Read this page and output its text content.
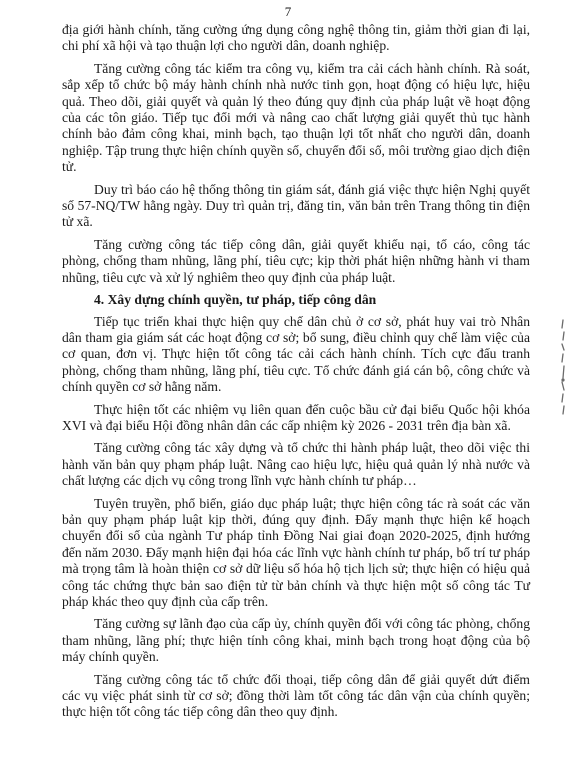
7

địa giới hành chính, tăng cường ứng dụng công nghệ thông tin, giảm thời gian đi lại, chi phí xã hội và tạo thuận lợi cho người dân, doanh nghiệp.

Tăng cường công tác kiểm tra công vụ, kiểm tra cải cách hành chính. Rà soát, sắp xếp tổ chức bộ máy hành chính nhà nước tinh gọn, hoạt động có hiệu lực, hiệu quả. Theo dõi, giải quyết và quản lý theo đúng quy định của pháp luật về hoạt động của các tôn giáo. Tiếp tục đổi mới và nâng cao chất lượng giải quyết thủ tục hành chính bảo đảm công khai, minh bạch, tạo thuận lợi tốt nhất cho người dân, doanh nghiệp. Tập trung thực hiện chính quyền số, chuyển đổi số, môi trường giao dịch điện tử.

Duy trì báo cáo hệ thống thông tin giám sát, đánh giá việc thực hiện Nghị quyết số 57-NQ/TW hằng ngày. Duy trì quản trị, đăng tin, văn bản trên Trang thông tin điện tử xã.

Tăng cường công tác tiếp công dân, giải quyết khiếu nại, tố cáo, công tác phòng, chống tham nhũng, lãng phí, tiêu cực; kịp thời phát hiện những hành vi tham nhũng, tiêu cực và xử lý nghiêm theo quy định của pháp luật.

4. Xây dựng chính quyền, tư pháp, tiếp công dân

Tiếp tục triển khai thực hiện quy chế dân chủ ở cơ sở, phát huy vai trò Nhân dân tham gia giám sát các hoạt động cơ sở; bổ sung, điều chỉnh quy chế làm việc của cơ quan, đơn vị. Thực hiện tốt công tác cải cách hành chính. Tích cực đấu tranh phòng, chống tham nhũng, lãng phí, tiêu cực. Tổ chức đánh giá cán bộ, công chức và chính quyền cơ sở hằng năm.

Thực hiện tốt các nhiệm vụ liên quan đến cuộc bầu cử đại biểu Quốc hội khóa XVI và đại biểu Hội đồng nhân dân các cấp nhiệm kỳ 2026 - 2031 trên địa bàn xã.

Tăng cường công tác xây dựng và tổ chức thi hành pháp luật, theo dõi việc thi hành văn bản quy phạm pháp luật. Nâng cao hiệu lực, hiệu quả quản lý nhà nước và chất lượng các dịch vụ công trong lĩnh vực hành chính tư pháp…

Tuyên truyền, phổ biến, giáo dục pháp luật; thực hiện công tác rà soát các văn bản quy phạm pháp luật kịp thời, đúng quy định. Đẩy mạnh thực hiện kế hoạch chuyển đổi số của ngành Tư pháp tỉnh Đồng Nai giai đoạn 2020-2025, định hướng đến năm 2030. Đẩy mạnh hiện đại hóa các lĩnh vực hành chính tư pháp, bố trí tư pháp mà trọng tâm là hoàn thiện cơ sở dữ liệu số hóa hộ tịch lịch sử; thực hiện có hiệu quả công tác chứng thực bản sao điện tử từ bản chính và thực hiện một số công tác Tư pháp khác theo quy định của cấp trên.

Tăng cường sự lãnh đạo của cấp ủy, chính quyền đối với công tác phòng, chống tham nhũng, lãng phí; thực hiện tính công khai, minh bạch trong hoạt động của bộ máy chính quyền.

Tăng cường công tác tổ chức đối thoại, tiếp công dân để giải quyết dứt điểm các vụ việc phát sinh từ cơ sở; đồng thời làm tốt công tác dân vận của chính quyền; thực hiện tốt công tác tiếp công dân theo quy định.
